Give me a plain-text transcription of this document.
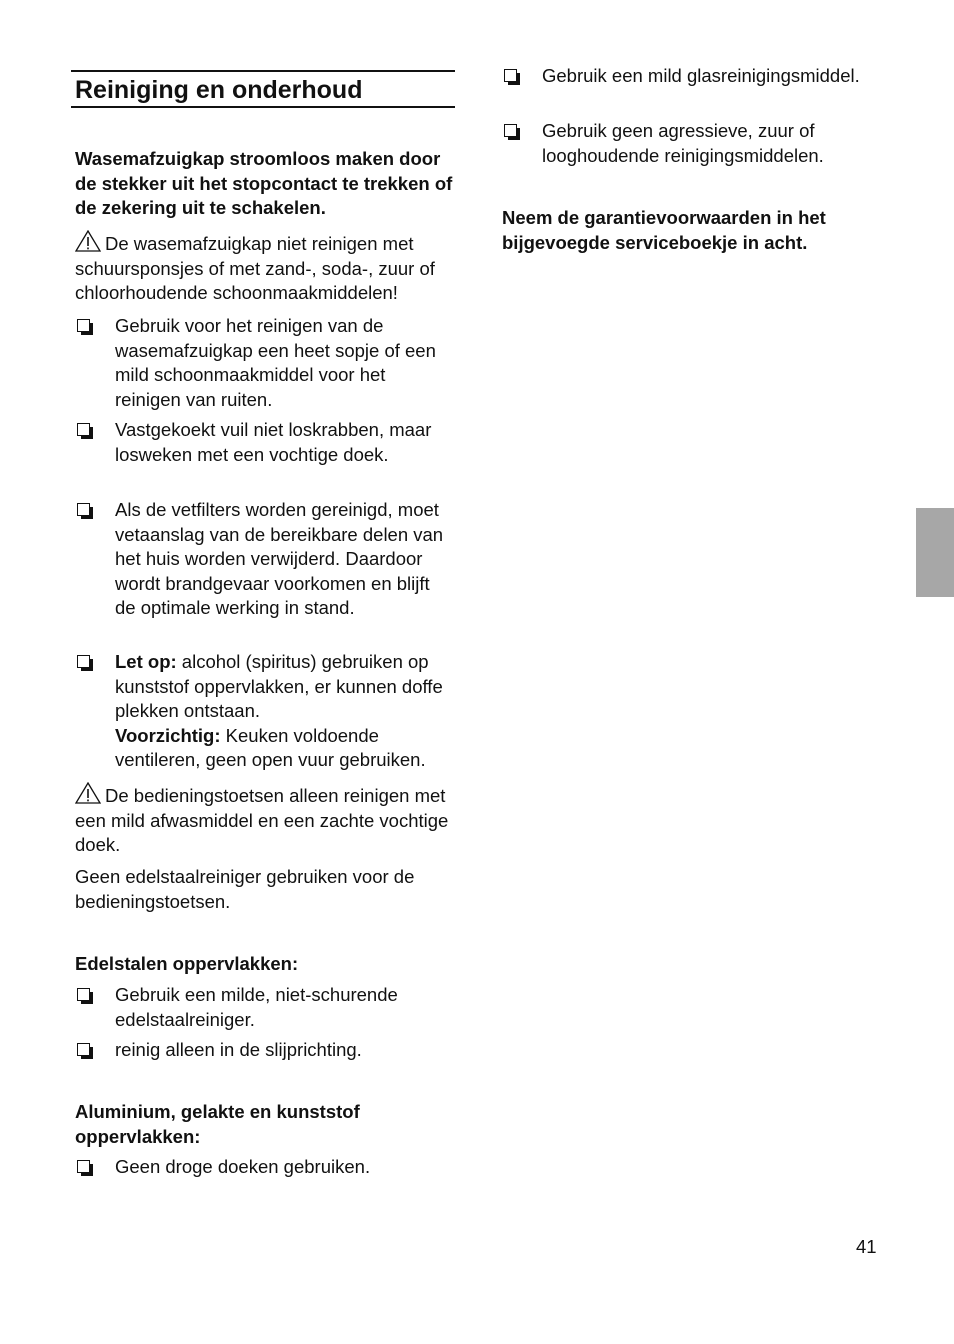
Reiniging en onderhoud

Wasemafzuigkap stroomloos maken door de stekker uit het stopcontact te trekken of de zekering uit te schakelen.

De wasemafzuigkap niet reinigen met schuursponsjes of met zand-, soda-, zuur of chloorhoudende schoonmaakmiddelen!

Gebruik voor het reinigen van de wasemafzuigkap een heet sopje of een mild schoonmaakmiddel voor het reinigen van ruiten.
Vastgekoekt vuil niet loskrabben, maar losweken met een vochtige doek.
Als de vetfilters worden gereinigd, moet vetaanslag van de bereikbare delen van het huis worden verwijderd. Daardoor wordt brandgevaar voorkomen en blijft de optimale werking in stand.
Let op: alcohol (spiritus) gebruiken op kunststof oppervlakken, er kunnen doffe plekken ontstaan.
Voorzichtig: Keuken voldoende ventileren, geen open vuur gebruiken.

De bedieningstoetsen alleen reinigen met een mild afwasmiddel en een zachte vochtige doek.

Geen edelstaalreiniger gebruiken voor de bedieningstoetsen.

Edelstalen oppervlakken:

Gebruik een milde, niet-schurende edelstaalreiniger.
reinig alleen in de slijprichting.

Aluminium, gelakte en kunststof oppervlakken:

Geen droge doeken gebruiken.
Gebruik een mild glasreinigingsmiddel.
Gebruik geen agressieve, zuur of looghoudende reinigingsmiddelen.

Neem de garantievoorwaarden in het bijgevoegde serviceboekje in acht.

41
